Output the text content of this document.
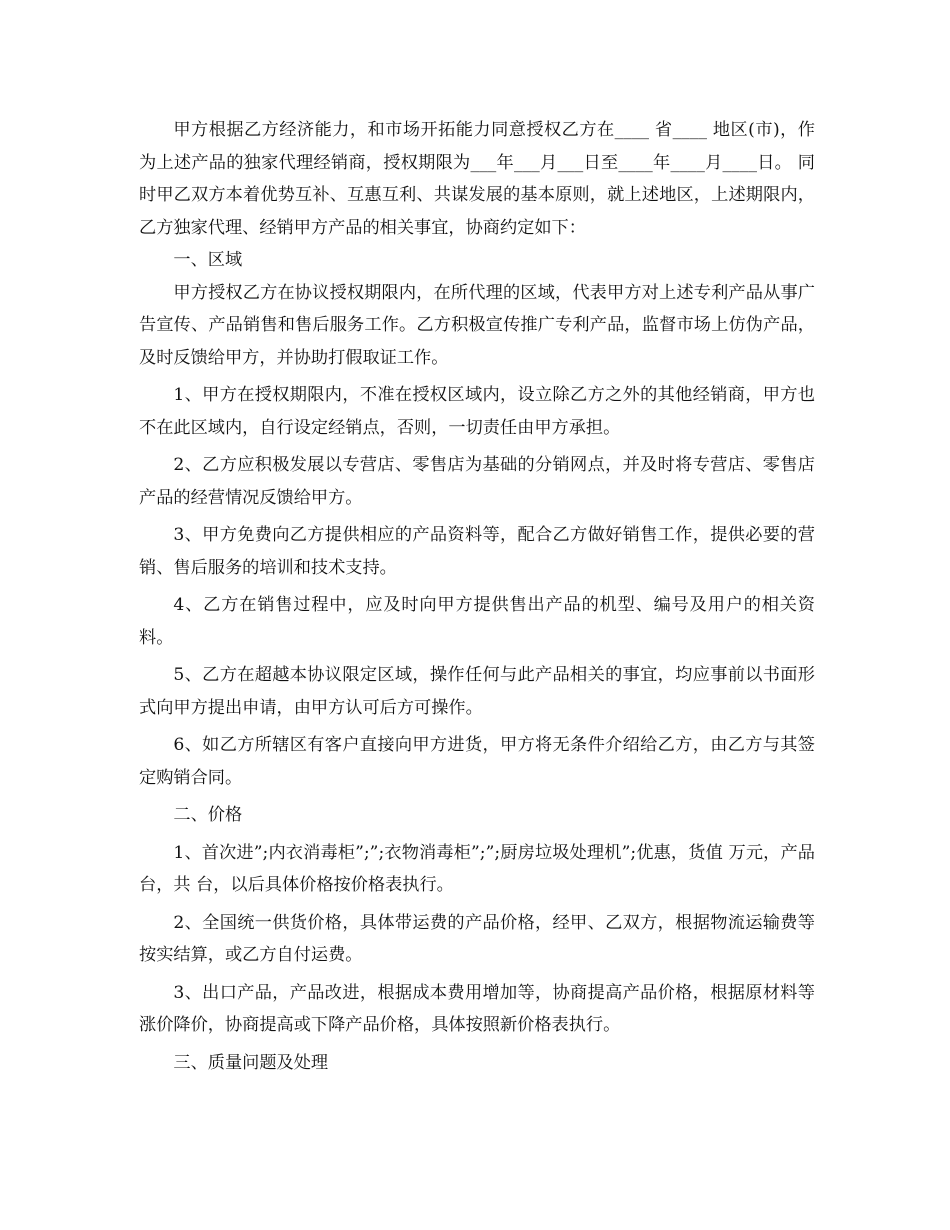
甲方根据乙方经济能力，和市场开拓能力同意授权乙方在____ 省____ 地区(市)，作为上述产品的独家代理经销商，授权期限为___年___月___日至____年____月____日。 同时甲乙双方本着优势互补、互惠互利、共谋发展的基本原则，就上述地区，上述期限内，乙方独家代理、经销甲方产品的相关事宜，协商约定如下：

一、区域

甲方授权乙方在协议授权期限内，在所代理的区域，代表甲方对上述专利产品从事广告宣传、产品销售和售后服务工作。乙方积极宣传推广专利产品，监督市场上仿伪产品，及时反馈给甲方，并协助打假取证工作。

1、甲方在授权期限内，不准在授权区域内，设立除乙方之外的其他经销商，甲方也不在此区域内，自行设定经销点，否则，一切责任由甲方承担。

2、乙方应积极发展以专营店、零售店为基础的分销网点，并及时将专营店、零售店产品的经营情况反馈给甲方。

3、甲方免费向乙方提供相应的产品资料等，配合乙方做好销售工作，提供必要的营销、售后服务的培训和技术支持。

4、乙方在销售过程中，应及时向甲方提供售出产品的机型、编号及用户的相关资料。

5、乙方在超越本协议限定区域，操作任何与此产品相关的事宜，均应事前以书面形式向甲方提出申请，由甲方认可后方可操作。

6、如乙方所辖区有客户直接向甲方进货，甲方将无条件介绍给乙方，由乙方与其签定购销合同。

二、价格

1、首次进”;内衣消毒柜”;”;衣物消毒柜”;”;厨房垃圾处理机”;优惠，货值 万元，产品 台，共 台，以后具体价格按价格表执行。

2、全国统一供货价格，具体带运费的产品价格，经甲、乙双方，根据物流运输费等按实结算，或乙方自付运费。

3、出口产品，产品改进，根据成本费用增加等，协商提高产品价格，根据原材料等涨价降价，协商提高或下降产品价格，具体按照新价格表执行。

三、质量问题及处理
